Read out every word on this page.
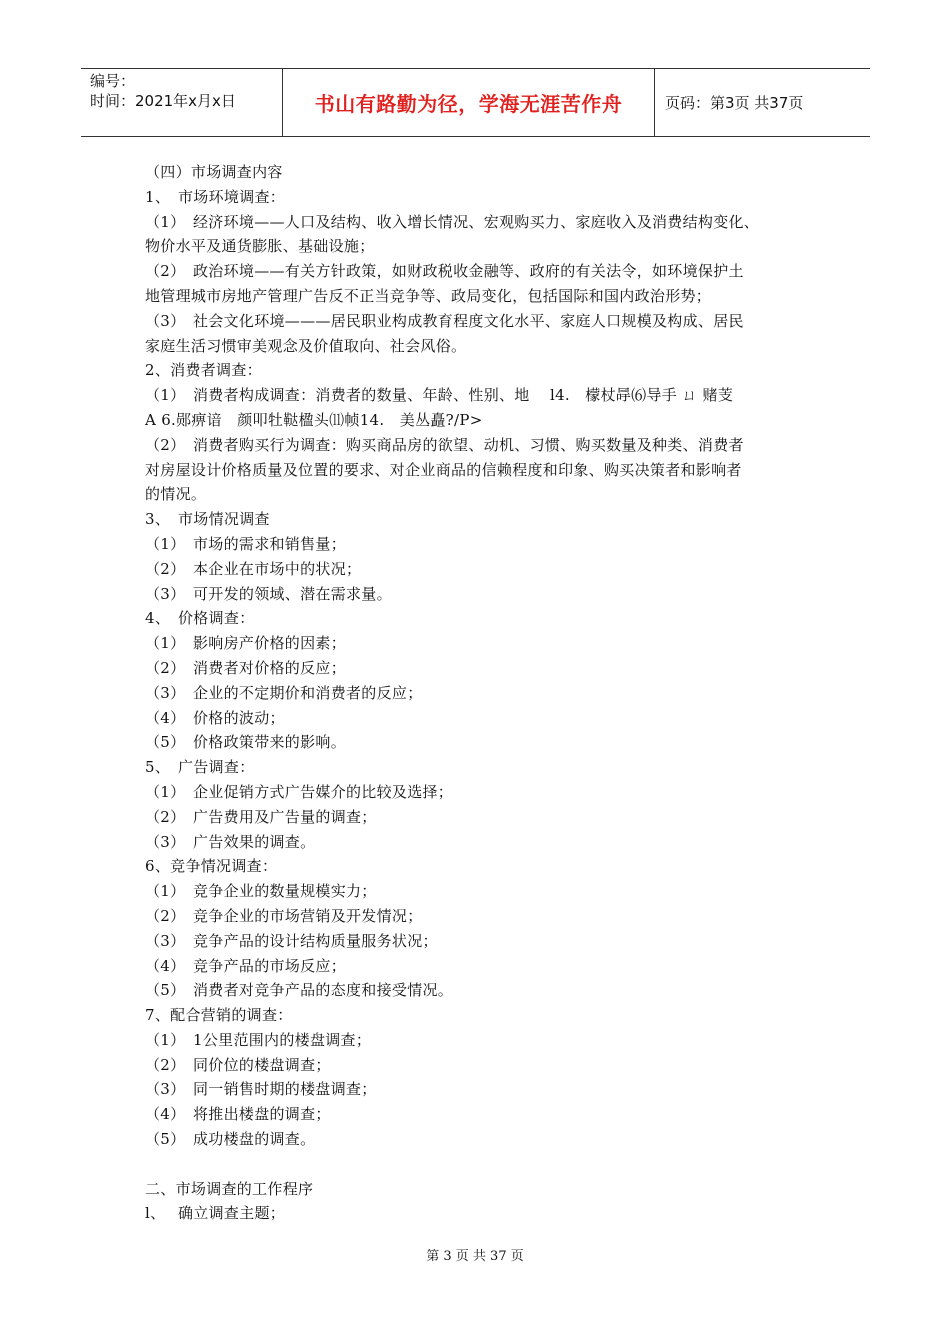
编号：
时间：2021年x月x日	书山有路勤为径，学海无涯苦作舟	页码：第3页 共37页
（四）市场调查内容
1、 市场环境调查：
（1） 经济环境——人口及结构、收入增长情况、宏观购买力、家庭收入及消费结构变化、
物价水平及通货膨胀、基础设施；
（2） 政治环境——有关方针政策，如财政税收金融等、政府的有关法令，如环境保护土
地管理城市房地产管理广告反不正当竞争等、政局变化，包括国际和国内政治形势；
（3） 社会文化环境———居民职业构成教育程度文化水平、家庭人口规模及构成、居民
家庭生活习惯审美观念及价值取向、社会风俗。
2、消费者调查：
（1） 消费者构成调查：消费者的数量、年龄、性别、地　 l4.　檬杖冔⑹导手 ㄩ 赌芰
A 6.郧痹谙　颜叩牡鞑楹头⑾帧14.　美丛矗?/P>
（2） 消费者购买行为调查：购买商品房的欲望、动机、习惯、购买数量及种类、消费者
对房屋设计价格质量及位置的要求、对企业商品的信赖程度和印象、购买决策者和影响者
的情况。
3、 市场情况调查
（1） 市场的需求和销售量；
（2） 本企业在市场中的状况；
（3） 可开发的领域、潜在需求量。
4、 价格调查：
（1） 影响房产价格的因素；
（2） 消费者对价格的反应；
（3） 企业的不定期价和消费者的反应；
（4） 价格的波动；
（5） 价格政策带来的影响。
5、 广告调查：
（1） 企业促销方式广告媒介的比较及选择；
（2） 广告费用及广告量的调查；
（3） 广告效果的调查。
6、竞争情况调查：
（1） 竞争企业的数量规模实力；
（2） 竞争企业的市场营销及开发情况；
（3） 竞争产品的设计结构质量服务状况；
（4） 竞争产品的市场反应；
（5） 消费者对竞争产品的态度和接受情况。
7、配合营销的调查：
（1） 1公里范围内的楼盘调查；
（2） 同价位的楼盘调查；
（3） 同一销售时期的楼盘调查；
（4） 将推出楼盘的调查；
（5） 成功楼盘的调查。
二、市场调查的工作程序
l、 确立调查主题；
第 3 页 共 37 页
